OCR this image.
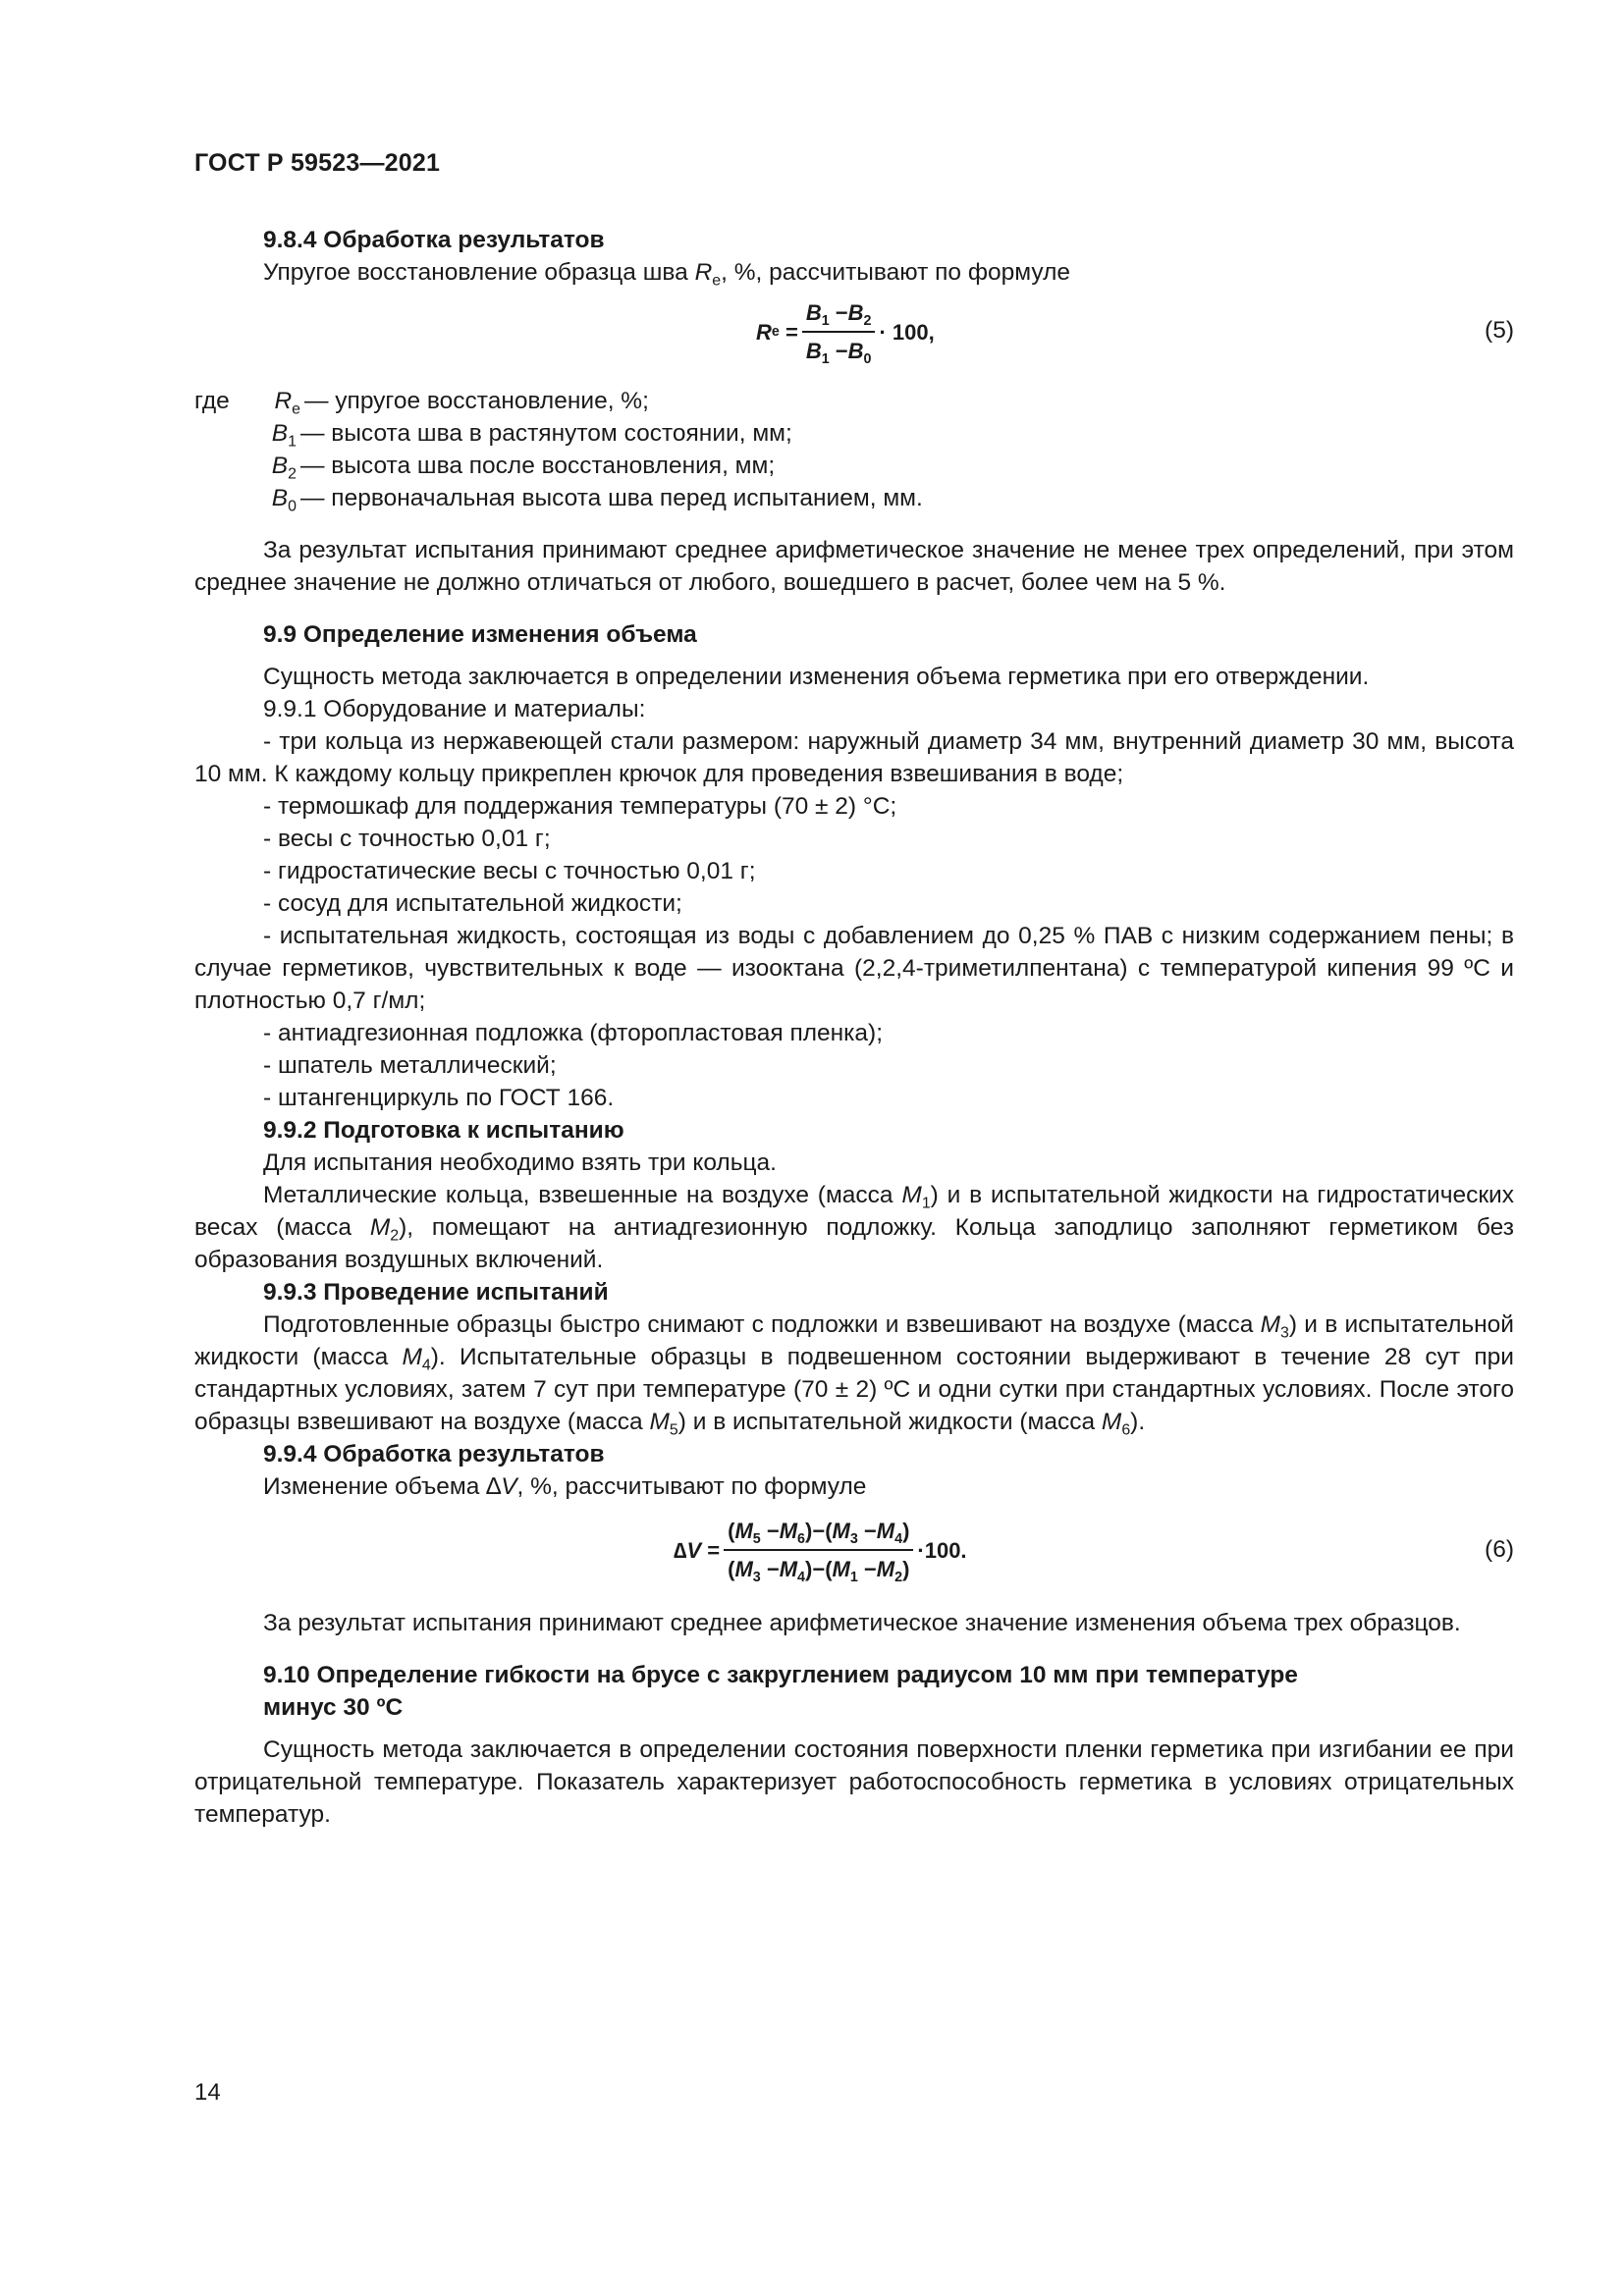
ГОСТ Р 59523—2021

9.8.4 Обработка результатов

Упругое восстановление образца шва $R_e$, %, рассчитывают по формуле

R $e = \frac{B_1 -B_2}{B_1 -B_0} \cdot 100$,	(5)
где	$R_e$ — упругое восстановление, %;
$B_1$ — высота шва в растянутом состоянии, мм;
$B_2$ — высота шва после восстановления, мм;
$B_0$ — первоначальная высота шва перед испытанием, мм.

За результат испытания принимают среднее арифметическое значение не менее трех определений, при этом среднее значение не должно отличаться от любого, вошедшего в расчет, более чем на 5 %.

9.9 Определение изменения объема

Сущность метода заключается в определении изменения объема герметика при его отверждении.

9.9.1 Оборудование и материалы:

- три кольца из нержавеющей стали размером: наружный диаметр 34 мм, внутренний диаметр 30 мм, высота 10 мм. К каждому кольцу прикреплен крючок для проведения взвешивания в воде;

- термошкаф для поддержания температуры (70 ± 2) °С;

- весы с точностью 0,01 г;

- гидростатические весы с точностью 0,01 г;

- сосуд для испытательной жидкости;

- испытательная жидкость, состоящая из воды с добавлением до 0,25 % ПАВ с низким содержанием пены; в случае герметиков, чувствительных к воде — изооктана (2,2,4-триметилпентана) с температурой кипения 99 ºС и плотностью 0,7 г/мл;

- антиадгезионная подложка (фторопластовая пленка);

- шпатель металлический;

- штангенциркуль по ГОСТ 166.

9.9.2 Подготовка к испытанию

Для испытания необходимо взять три кольца.

Металлические кольца, взвешенные на воздухе (масса $M_1$) и в испытательной жидкости на гидростатических весах (масса $M_2$), помещают на антиадгезионную подложку. Кольца заподлицо заполняют герметиком без образования воздушных включений.

9.9.3 Проведение испытаний

Подготовленные образцы быстро снимают с подложки и взвешивают на воздухе (масса $M_3$) и в испытательной жидкости (масса $M_4$). Испытательные образцы в подвешенном состоянии выдерживают в течение 28 сут при стандартных условиях, затем 7 сут при температуре (70 ± 2) ºС и одни сутки при стандартных условиях. После этого образцы взвешивают на воздухе (масса $M_5$) и в испытательной жидкости (масса $M_6$).

9.9.4 Обработка результатов

Изменение объема ∆V, %, рассчитывают по формуле

∆ $V = \frac{(M_5 -M_6)-(M_3 -M_4)}{(M_3 -M_4)-(M_1 -M_2)} \cdot 100$.	(6)

За результат испытания принимают среднее арифметическое значение изменения объема трех образцов.

9.10 Определение гибкости на брусе с закруглением радиусом 10 мм при температуре
минус 30 ºС

Сущность метода заключается в определении состояния поверхности пленки герметика при изгибании ее при отрицательной температуре. Показатель характеризует работоспособность герметика в условиях отрицательных температур.

14
